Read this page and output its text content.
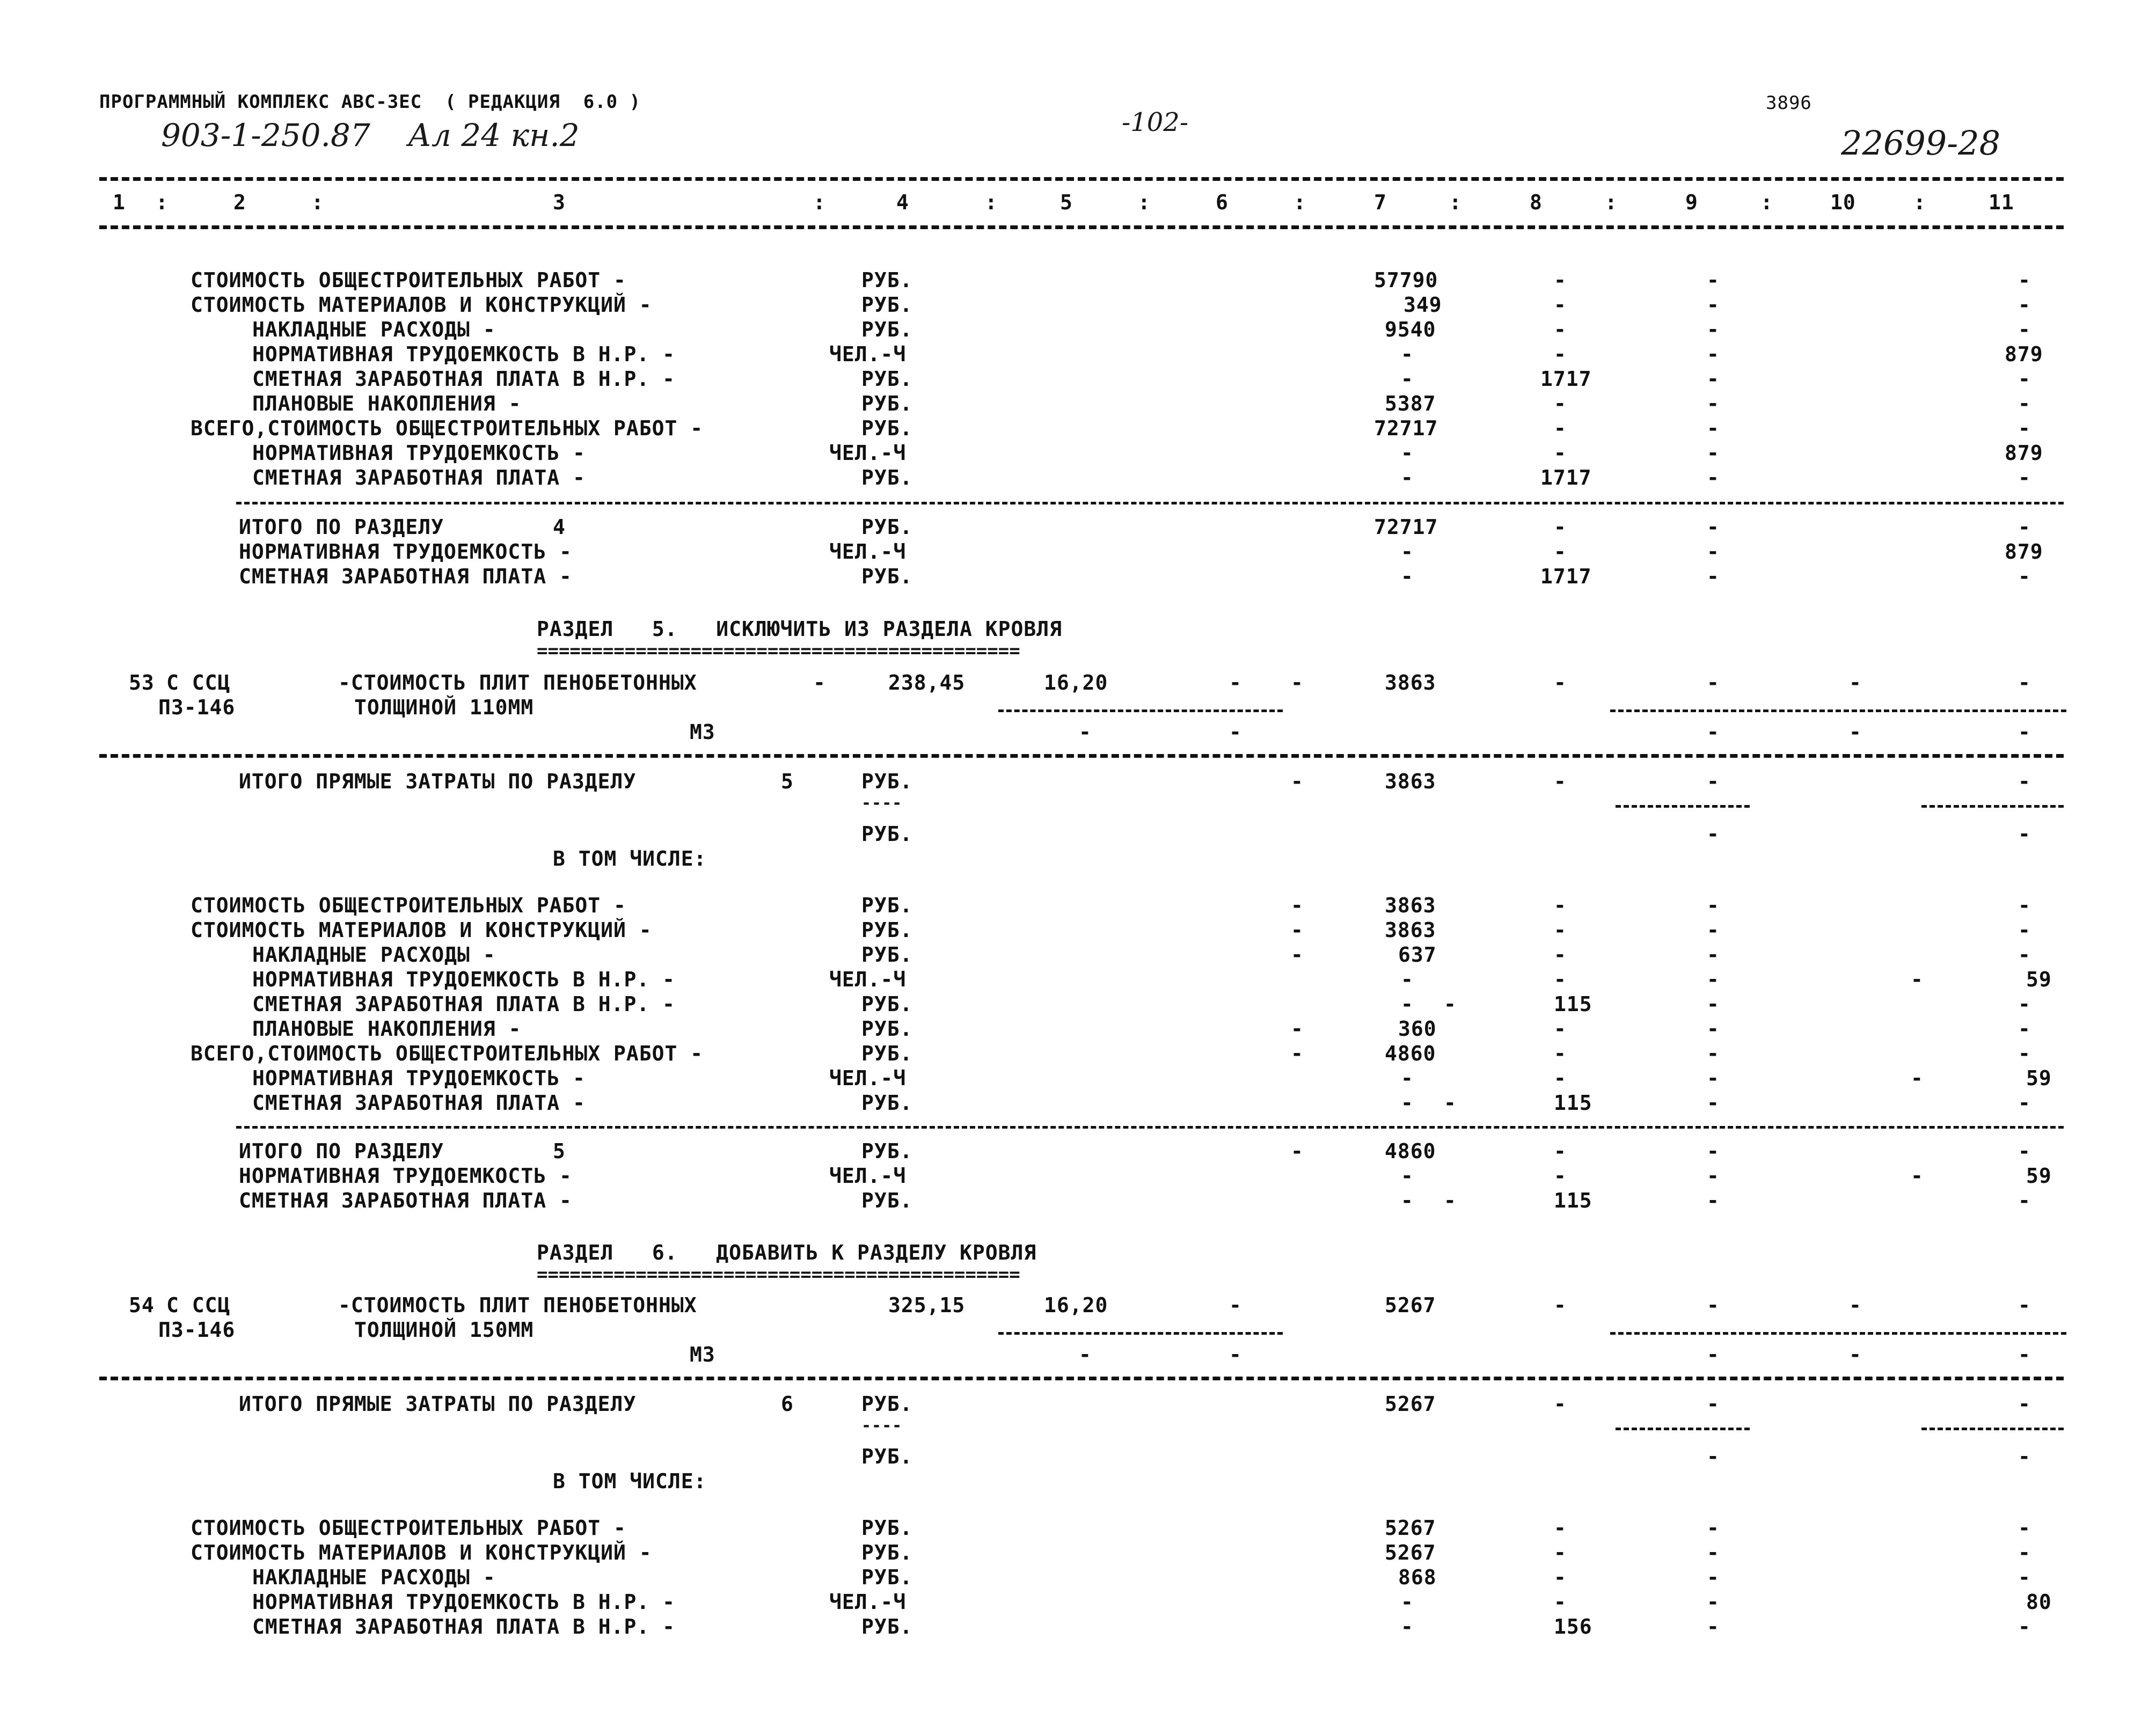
ПРОГРАММНЫЙ КОМПЛЕКС АВС-ЗЕС  ( РЕДАКЦИЯ  6.0 )
903-1-250.87 Ал 24 кн.2	-102-
3896
22699-28
1 :	2	:	3	:	4	:	5	:	6	:	7	:	8	:	9	:	10	:	11
СТОИМОСТЬ ОБЩЕСТРОИТЕЛЬНЫХ РАБОТ -	РУБ.	57790	-	-	-
СТОИМОСТЬ МАТЕРИАЛОВ И КОНСТРУКЦИЙ -	РУБ.	349	-	-	-
НАКЛАДНЫЕ РАСХОДЫ -	РУБ.	9540	-	-	-
НОРМАТИВНАЯ ТРУДОЕМКОСТЬ В Н.Р. -	ЧЕЛ.-Ч	-	-	-	879
СМЕТНАЯ ЗАРАБОТНАЯ ПЛАТА В Н.Р. -	РУБ.	-	1717	-	-
ПЛАНОВЫЕ НАКОПЛЕНИЯ -	РУБ.	5387	-	-	-
ВСЕГО,СТОИМОСТЬ ОБЩЕСТРОИТЕЛЬНЫХ РАБОТ -	РУБ.	72717	-	-	-
НОРМАТИВНАЯ ТРУДОЕМКОСТЬ -	ЧЕЛ.-Ч	-	-	-	879
СМЕТНАЯ ЗАРАБОТНАЯ ПЛАТА -	РУБ.	-	1717	-	-
ИТОГО ПО РАЗДЕЛУ	4	РУБ.	72717	-	-	-
НОРМАТИВНАЯ ТРУДОЕМКОСТЬ -	ЧЕЛ.-Ч	-	-	-	879
СМЕТНАЯ ЗАРАБОТНАЯ ПЛАТА -	РУБ.	-	1717	-	-
РАЗДЕЛ   5.   ИСКЛЮЧИТЬ ИЗ РАЗДЕЛА КРОВЛЯ
============================================
53 С ССЦ
П3-146
-СТОИМОСТЬ ПЛИТ ПЕНОБЕТОННЫХ
ТОЛЩИНОЙ 110ММ
-	238,45	16,20	- -	3863	-	-	-	-
М3	-	-	-	-	-
ИТОГО ПРЯМЫЕ ЗАТРАТЫ ПО РАЗДЕЛУ	5	РУБ.	-	3863	-	-	-
----
РУБ.	-	-
В ТОМ ЧИСЛЕ:
СТОИМОСТЬ ОБЩЕСТРОИТЕЛЬНЫХ РАБОТ -	РУБ.	-	3863	-	-	-
СТОИМОСТЬ МАТЕРИАЛОВ И КОНСТРУКЦИЙ -	РУБ.	-	3863	-	-	-
НАКЛАДНЫЕ РАСХОДЫ -	РУБ.	-	637	-	-	-
НОРМАТИВНАЯ ТРУДОЕМКОСТЬ В Н.Р. -	ЧЕЛ.-Ч	-	-	-	-	59
СМЕТНАЯ ЗАРАБОТНАЯ ПЛАТА В Н.Р. -	РУБ.	- -	115	-	-
ПЛАНОВЫЕ НАКОПЛЕНИЯ -	РУБ.	-	360	-	-	-
ВСЕГО,СТОИМОСТЬ ОБЩЕСТРОИТЕЛЬНЫХ РАБОТ -	РУБ.	-	4860	-	-	-
НОРМАТИВНАЯ ТРУДОЕМКОСТЬ -	ЧЕЛ.-Ч	-	-	-	-	59
СМЕТНАЯ ЗАРАБОТНАЯ ПЛАТА -	РУБ.	- -	115	-	-
ИТОГО ПО РАЗДЕЛУ	5	РУБ.	-	4860	-	-	-
НОРМАТИВНАЯ ТРУДОЕМКОСТЬ -	ЧЕЛ.-Ч	-	-	-	-	59
СМЕТНАЯ ЗАРАБОТНАЯ ПЛАТА -	РУБ.	- -	115	-	-
РАЗДЕЛ   6.   ДОБАВИТЬ К РАЗДЕЛУ КРОВЛЯ
============================================
54 С ССЦ
П3-146
-СТОИМОСТЬ ПЛИТ ПЕНОБЕТОННЫХ
ТОЛЩИНОЙ 150ММ
325,15	16,20	-	5267	-	-	-	-
М3	-	-	-	-	-
ИТОГО ПРЯМЫЕ ЗАТРАТЫ ПО РАЗДЕЛУ	6	РУБ.	5267	-	-	-
----
РУБ.	-	-
В ТОМ ЧИСЛЕ:
СТОИМОСТЬ ОБЩЕСТРОИТЕЛЬНЫХ РАБОТ -	РУБ.	5267	-	-	-
СТОИМОСТЬ МАТЕРИАЛОВ И КОНСТРУКЦИЙ -	РУБ.	5267	-	-	-
НАКЛАДНЫЕ РАСХОДЫ -	РУБ.	868	-	-	-
НОРМАТИВНАЯ ТРУДОЕМКОСТЬ В Н.Р. -	ЧЕЛ.-Ч	-	-	-	80
СМЕТНАЯ ЗАРАБОТНАЯ ПЛАТА В Н.Р. -	РУБ.	-	156	-	-
